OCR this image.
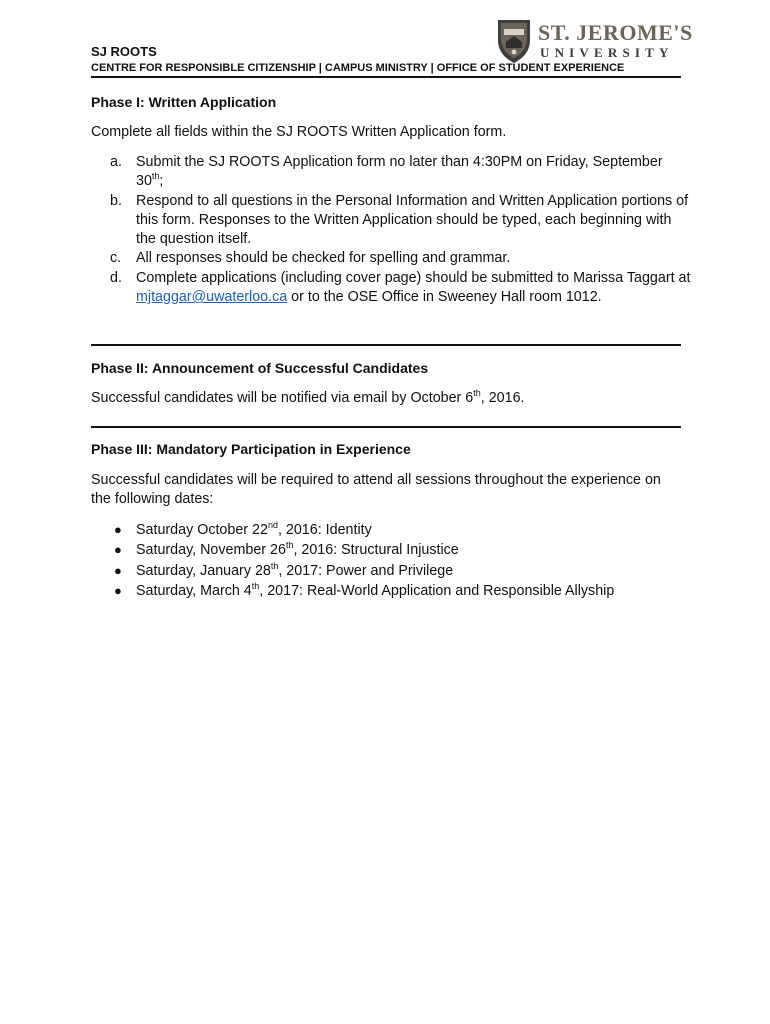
ST. JEROME'S
UNIVERSITY
SJ ROOTS
CENTRE FOR RESPONSIBLE CITIZENSHIP | CAMPUS MINISTRY | OFFICE OF STUDENT EXPERIENCE
Phase I: Written Application
Complete all fields within the SJ ROOTS Written Application form.
a. Submit the SJ ROOTS Application form no later than 4:30PM on Friday, September 30th;
b. Respond to all questions in the Personal Information and Written Application portions of this form. Responses to the Written Application should be typed, each beginning with the question itself.
c. All responses should be checked for spelling and grammar.
d. Complete applications (including cover page) should be submitted to Marissa Taggart at mjtaggar@uwaterloo.ca or to the OSE Office in Sweeney Hall room 1012.
Phase II: Announcement of Successful Candidates
Successful candidates will be notified via email by October 6th, 2016.
Phase III: Mandatory Participation in Experience
Successful candidates will be required to attend all sessions throughout the experience on the following dates:
● Saturday October 22nd, 2016: Identity
● Saturday, November 26th, 2016: Structural Injustice
● Saturday, January 28th, 2017: Power and Privilege
● Saturday, March 4th, 2017: Real-World Application and Responsible Allyship
